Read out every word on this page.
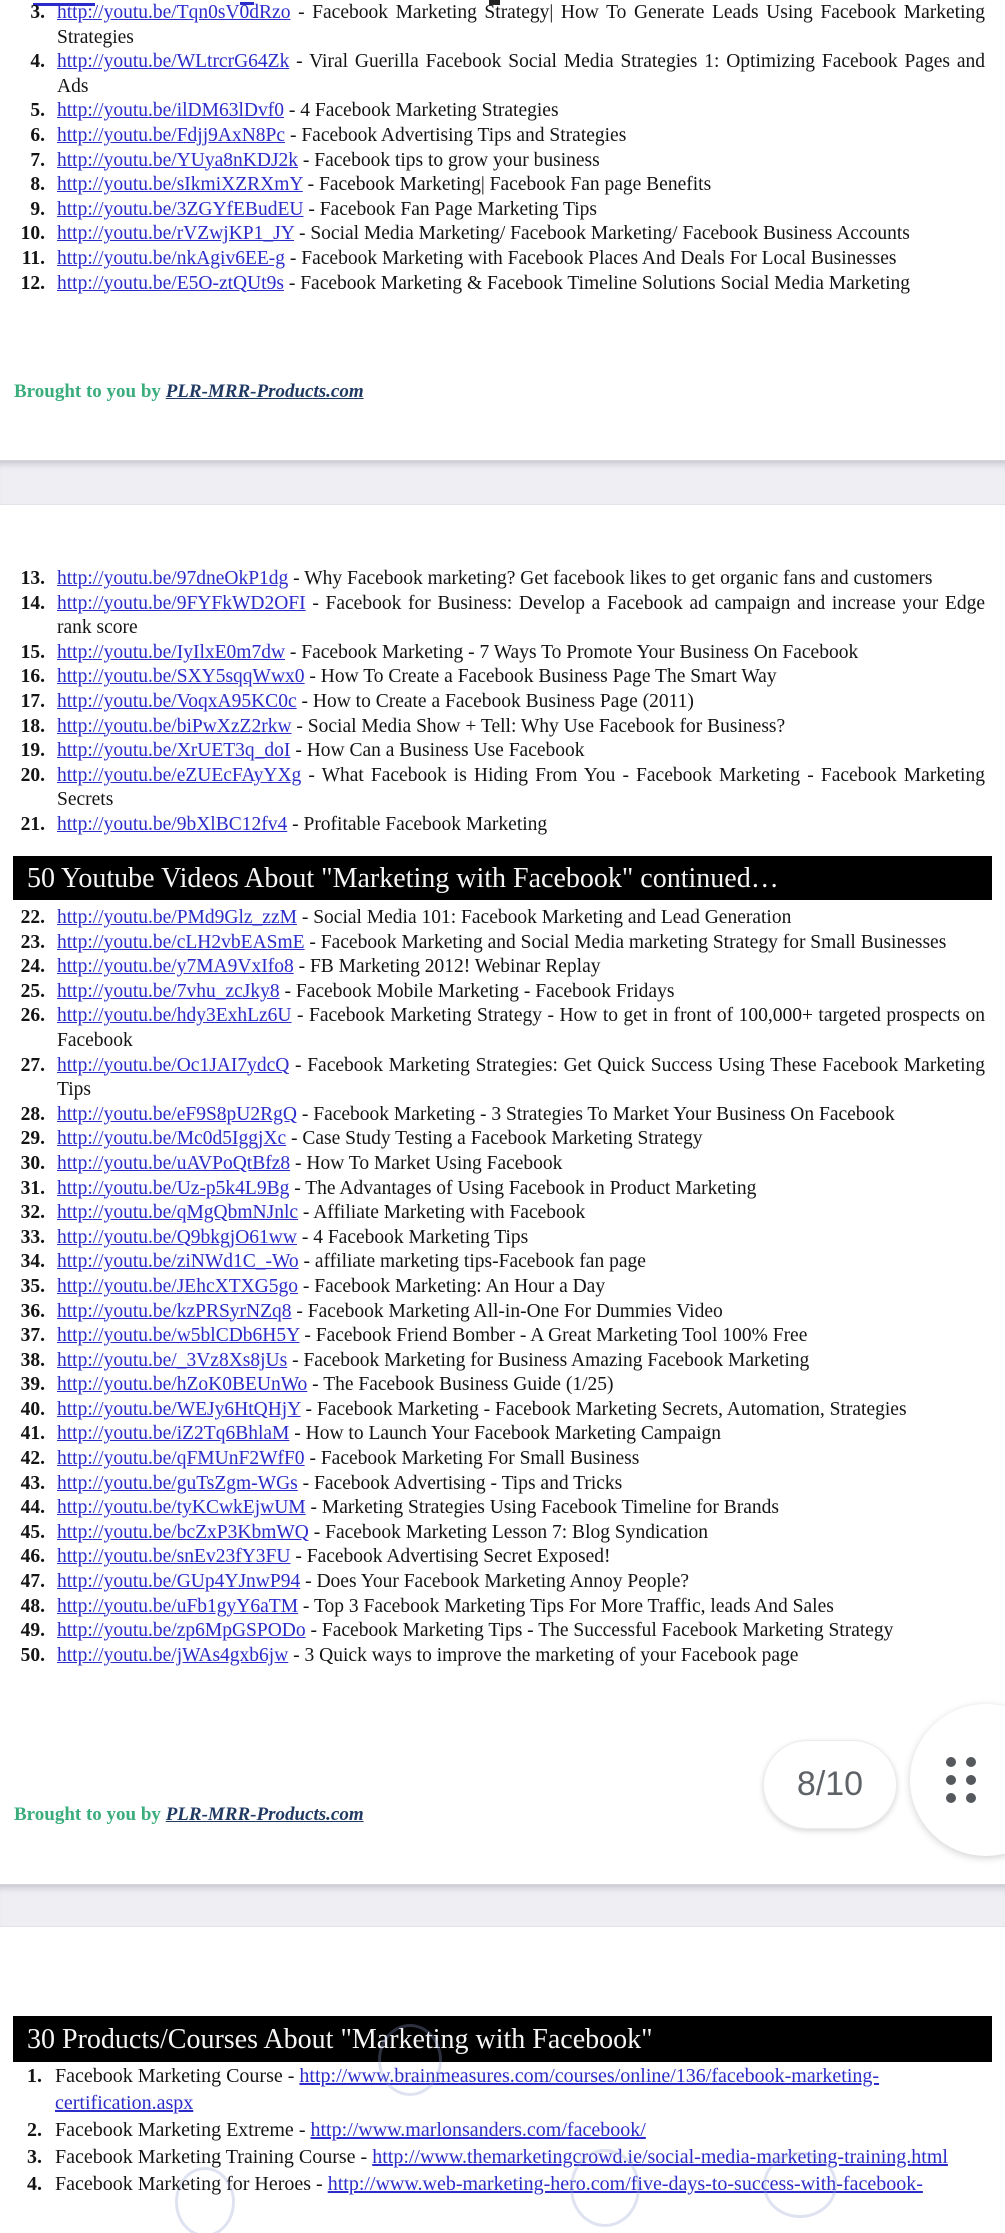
3. http://youtu.be/Tqn0sV0dRzo - Facebook Marketing Strategy| How To Generate Leads Using Facebook Marketing Strategies
4. http://youtu.be/WLtrcrG64Zk - Viral Guerilla Facebook Social Media Strategies 1: Optimizing Facebook Pages and Ads
5. http://youtu.be/ilDM63lDvf0 - 4 Facebook Marketing Strategies
6. http://youtu.be/Fdjj9AxN8Pc - Facebook Advertising Tips and Strategies
7. http://youtu.be/YUya8nKDJ2k - Facebook tips to grow your business
8. http://youtu.be/sIkmiXZRXmY - Facebook Marketing| Facebook Fan page Benefits
9. http://youtu.be/3ZGYfEBudEU - Facebook Fan Page Marketing Tips
10. http://youtu.be/rVZwjKP1_JY - Social Media Marketing/ Facebook Marketing/ Facebook Business Accounts
11. http://youtu.be/nkAgiv6EE-g - Facebook Marketing with Facebook Places And Deals For Local Businesses
12. http://youtu.be/E5O-ztQUt9s - Facebook Marketing & Facebook Timeline Solutions Social Media Marketing
Brought to you by PLR-MRR-Products.com
13. http://youtu.be/97dneOkP1dg - Why Facebook marketing? Get facebook likes to get organic fans and customers
14. http://youtu.be/9FYFkWD2OFI - Facebook for Business: Develop a Facebook ad campaign and increase your Edge rank score
15. http://youtu.be/IyIlxE0m7dw - Facebook Marketing - 7 Ways To Promote Your Business On Facebook
16. http://youtu.be/SXY5sqqWwx0 - How To Create a Facebook Business Page The Smart Way
17. http://youtu.be/VoqxA95KC0c - How to Create a Facebook Business Page (2011)
18. http://youtu.be/biPwXzZ2rkw - Social Media Show + Tell: Why Use Facebook for Business?
19. http://youtu.be/XrUET3q_doI - How Can a Business Use Facebook
20. http://youtu.be/eZUEcFAyYXg - What Facebook is Hiding From You - Facebook Marketing - Facebook Marketing Secrets
21. http://youtu.be/9bXlBC12fv4 - Profitable Facebook Marketing
50 Youtube Videos About "Marketing with Facebook" continued…
22. http://youtu.be/PMd9Glz_zzM - Social Media 101: Facebook Marketing and Lead Generation
23. http://youtu.be/cLH2vbEASmE - Facebook Marketing and Social Media marketing Strategy for Small Businesses
24. http://youtu.be/y7MA9VxIfo8 - FB Marketing 2012! Webinar Replay
25. http://youtu.be/7vhu_zcJky8 - Facebook Mobile Marketing - Facebook Fridays
26. http://youtu.be/hdy3ExhLz6U - Facebook Marketing Strategy - How to get in front of 100,000+ targeted prospects on Facebook
27. http://youtu.be/Oc1JAI7ydcQ - Facebook Marketing Strategies: Get Quick Success Using These Facebook Marketing Tips
28. http://youtu.be/eF9S8pU2RgQ - Facebook Marketing - 3 Strategies To Market Your Business On Facebook
29. http://youtu.be/Mc0d5IggjXc - Case Study Testing a Facebook Marketing Strategy
30. http://youtu.be/uAVPoQtBfz8 - How To Market Using Facebook
31. http://youtu.be/Uz-p5k4L9Bg - The Advantages of Using Facebook in Product Marketing
32. http://youtu.be/qMgQbmNJnlc - Affiliate Marketing with Facebook
33. http://youtu.be/Q9bkgjO61ww - 4 Facebook Marketing Tips
34. http://youtu.be/ziNWd1C_-Wo - affiliate marketing tips-Facebook fan page
35. http://youtu.be/JEhcXTXG5go - Facebook Marketing: An Hour a Day
36. http://youtu.be/kzPRSyrNZq8 - Facebook Marketing All-in-One For Dummies Video
37. http://youtu.be/w5blCDb6H5Y - Facebook Friend Bomber - A Great Marketing Tool 100% Free
38. http://youtu.be/_3Vz8Xs8jUs - Facebook Marketing for Business Amazing Facebook Marketing
39. http://youtu.be/hZoK0BEUnWo - The Facebook Business Guide (1/25)
40. http://youtu.be/WEJy6HtQHjY - Facebook Marketing - Facebook Marketing Secrets, Automation, Strategies
41. http://youtu.be/iZ2Tq6BhlaM - How to Launch Your Facebook Marketing Campaign
42. http://youtu.be/qFMUnF2WfF0 - Facebook Marketing For Small Business
43. http://youtu.be/guTsZgm-WGs - Facebook Advertising - Tips and Tricks
44. http://youtu.be/tyKCwkEjwUM - Marketing Strategies Using Facebook Timeline for Brands
45. http://youtu.be/bcZxP3KbmWQ - Facebook Marketing Lesson 7: Blog Syndication
46. http://youtu.be/snEv23fY3FU - Facebook Advertising Secret Exposed!
47. http://youtu.be/GUp4YJnwP94 - Does Your Facebook Marketing Annoy People?
48. http://youtu.be/uFb1gyY6aTM - Top 3 Facebook Marketing Tips For More Traffic, leads And Sales
49. http://youtu.be/zp6MpGSPODo - Facebook Marketing Tips - The Successful Facebook Marketing Strategy
50. http://youtu.be/jWAs4gxb6jw - 3 Quick ways to improve the marketing of your Facebook page
Brought to you by PLR-MRR-Products.com
30 Products/Courses About "Marketing with Facebook"
1. Facebook Marketing Course - http://www.brainmeasures.com/courses/online/136/facebook-marketing-certification.aspx
2. Facebook Marketing Extreme - http://www.marlonsanders.com/facebook/
3. Facebook Marketing Training Course - http://www.themarketingcrowd.ie/social-media-marketing-training.html
4. Facebook Marketing for Heroes - http://www.web-marketing-hero.com/five-days-to-success-with-facebook-
8/10
